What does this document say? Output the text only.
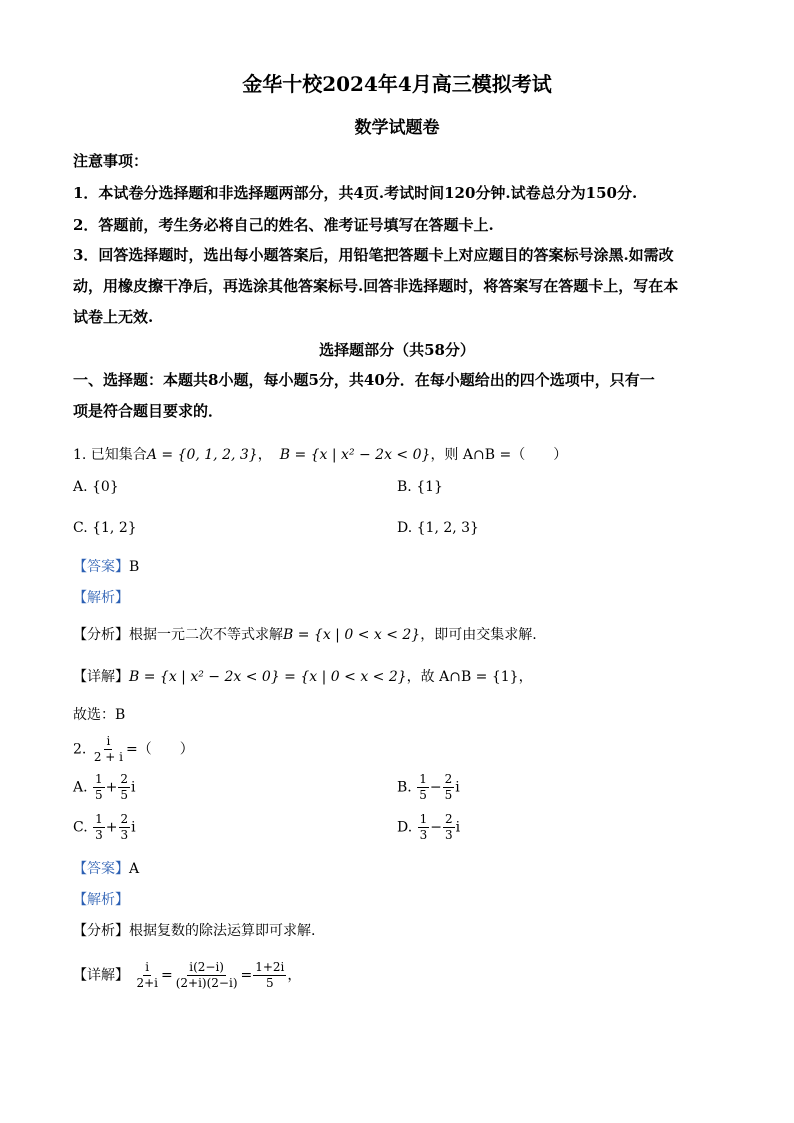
金华十校2024年4月高三模拟考试
数学试题卷
注意事项：
1．本试卷分选择题和非选择题两部分，共4页.考试时间120分钟.试卷总分为150分.
2．答题前，考生务必将自己的姓名、准考证号填写在答题卡上.
3．回答选择题时，选出每小题答案后，用铅笔把答题卡上对应题目的答案标号涂黑.如需改
动，用橡皮擦干净后，再选涂其他答案标号.回答非选择题时，将答案写在答题卡上，写在本
试卷上无效.
选择题部分（共58分）
一、选择题：本题共8小题，每小题5分，共40分．在每小题给出的四个选项中，只有一
项是符合题目要求的．
1. 已知集合A = {0, 1, 2, 3}， B = {x | x² − 2x < 0}，则 A∩B =（　　）
A. {0}	B. {1}
C. {1, 2}	D. {1, 2, 3}
【答案】B
【解析】
【分析】根据一元二次不等式求解B = {x | 0 < x < 2}，即可由交集求解.
【详解】B = {x | x² − 2x < 0} = {x | 0 < x < 2}，故 A∩B = {1}，
故选：B
2. $\frac{i}{2 + i}$ =（　　）
A. $\frac{1}{5} + \frac{2}{5}$ i	B. $\frac{1}{5} - \frac{2}{5}$ i
C. $\frac{1}{3} + \frac{2}{3}$ i	D. $\frac{1}{3} - \frac{2}{3}$ i
【答案】A
【解析】
【分析】根据复数的除法运算即可求解.
【详解】 $\frac{i}{2+i} = \frac{i(2-i)}{(2+i)(2-i)} = \frac{1+2i}{5}$ ，
